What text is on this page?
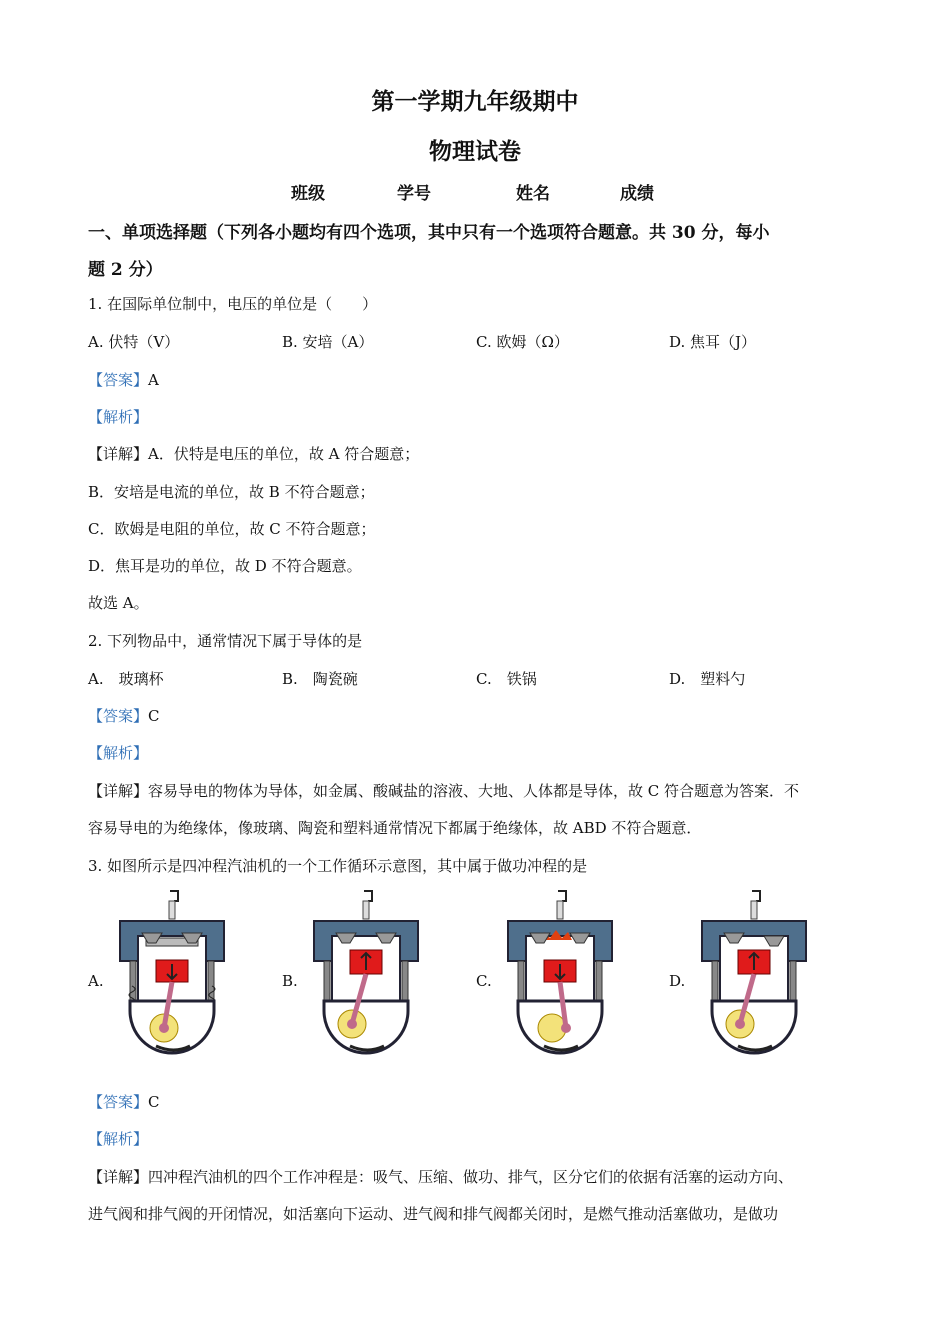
第一学期九年级期中
物理试卷
班级	学号	姓名	成绩
一、单项选择题（下列各小题均有四个选项，其中只有一个选项符合题意。共 30 分，每小
题 2 分）
1. 在国际单位制中，电压的单位是（　　）
A. 伏特（V）	B. 安培（A）	C. 欧姆（Ω）	D. 焦耳（J）
【答案】A
【解析】
【详解】A．伏特是电压的单位，故 A 符合题意；
B．安培是电流的单位，故 B 不符合题意；
C．欧姆是电阻的单位，故 C 不符合题意；
D．焦耳是功的单位，故 D 不符合题意。
故选 A。
2. 下列物品中，通常情况下属于导体的是
A.　玻璃杯	B.　陶瓷碗	C.　铁锅	D.　塑料勺
【答案】C
【解析】
【详解】容易导电的物体为导体，如金属、酸碱盐的溶液、大地、人体都是导体，故 C 符合题意为答案．不
容易导电的为绝缘体，像玻璃、陶瓷和塑料通常情况下都属于绝缘体，故 ABD 不符合题意．
3. 如图所示是四冲程汽油机的一个工作循环示意图，其中属于做功冲程的是
A.	B.	C.	D.
【答案】C
【解析】
【详解】四冲程汽油机的四个工作冲程是：吸气、压缩、做功、排气，区分它们的依据有活塞的运动方向、
进气阀和排气阀的开闭情况，如活塞向下运动、进气阀和排气阀都关闭时，是燃气推动活塞做功，是做功
